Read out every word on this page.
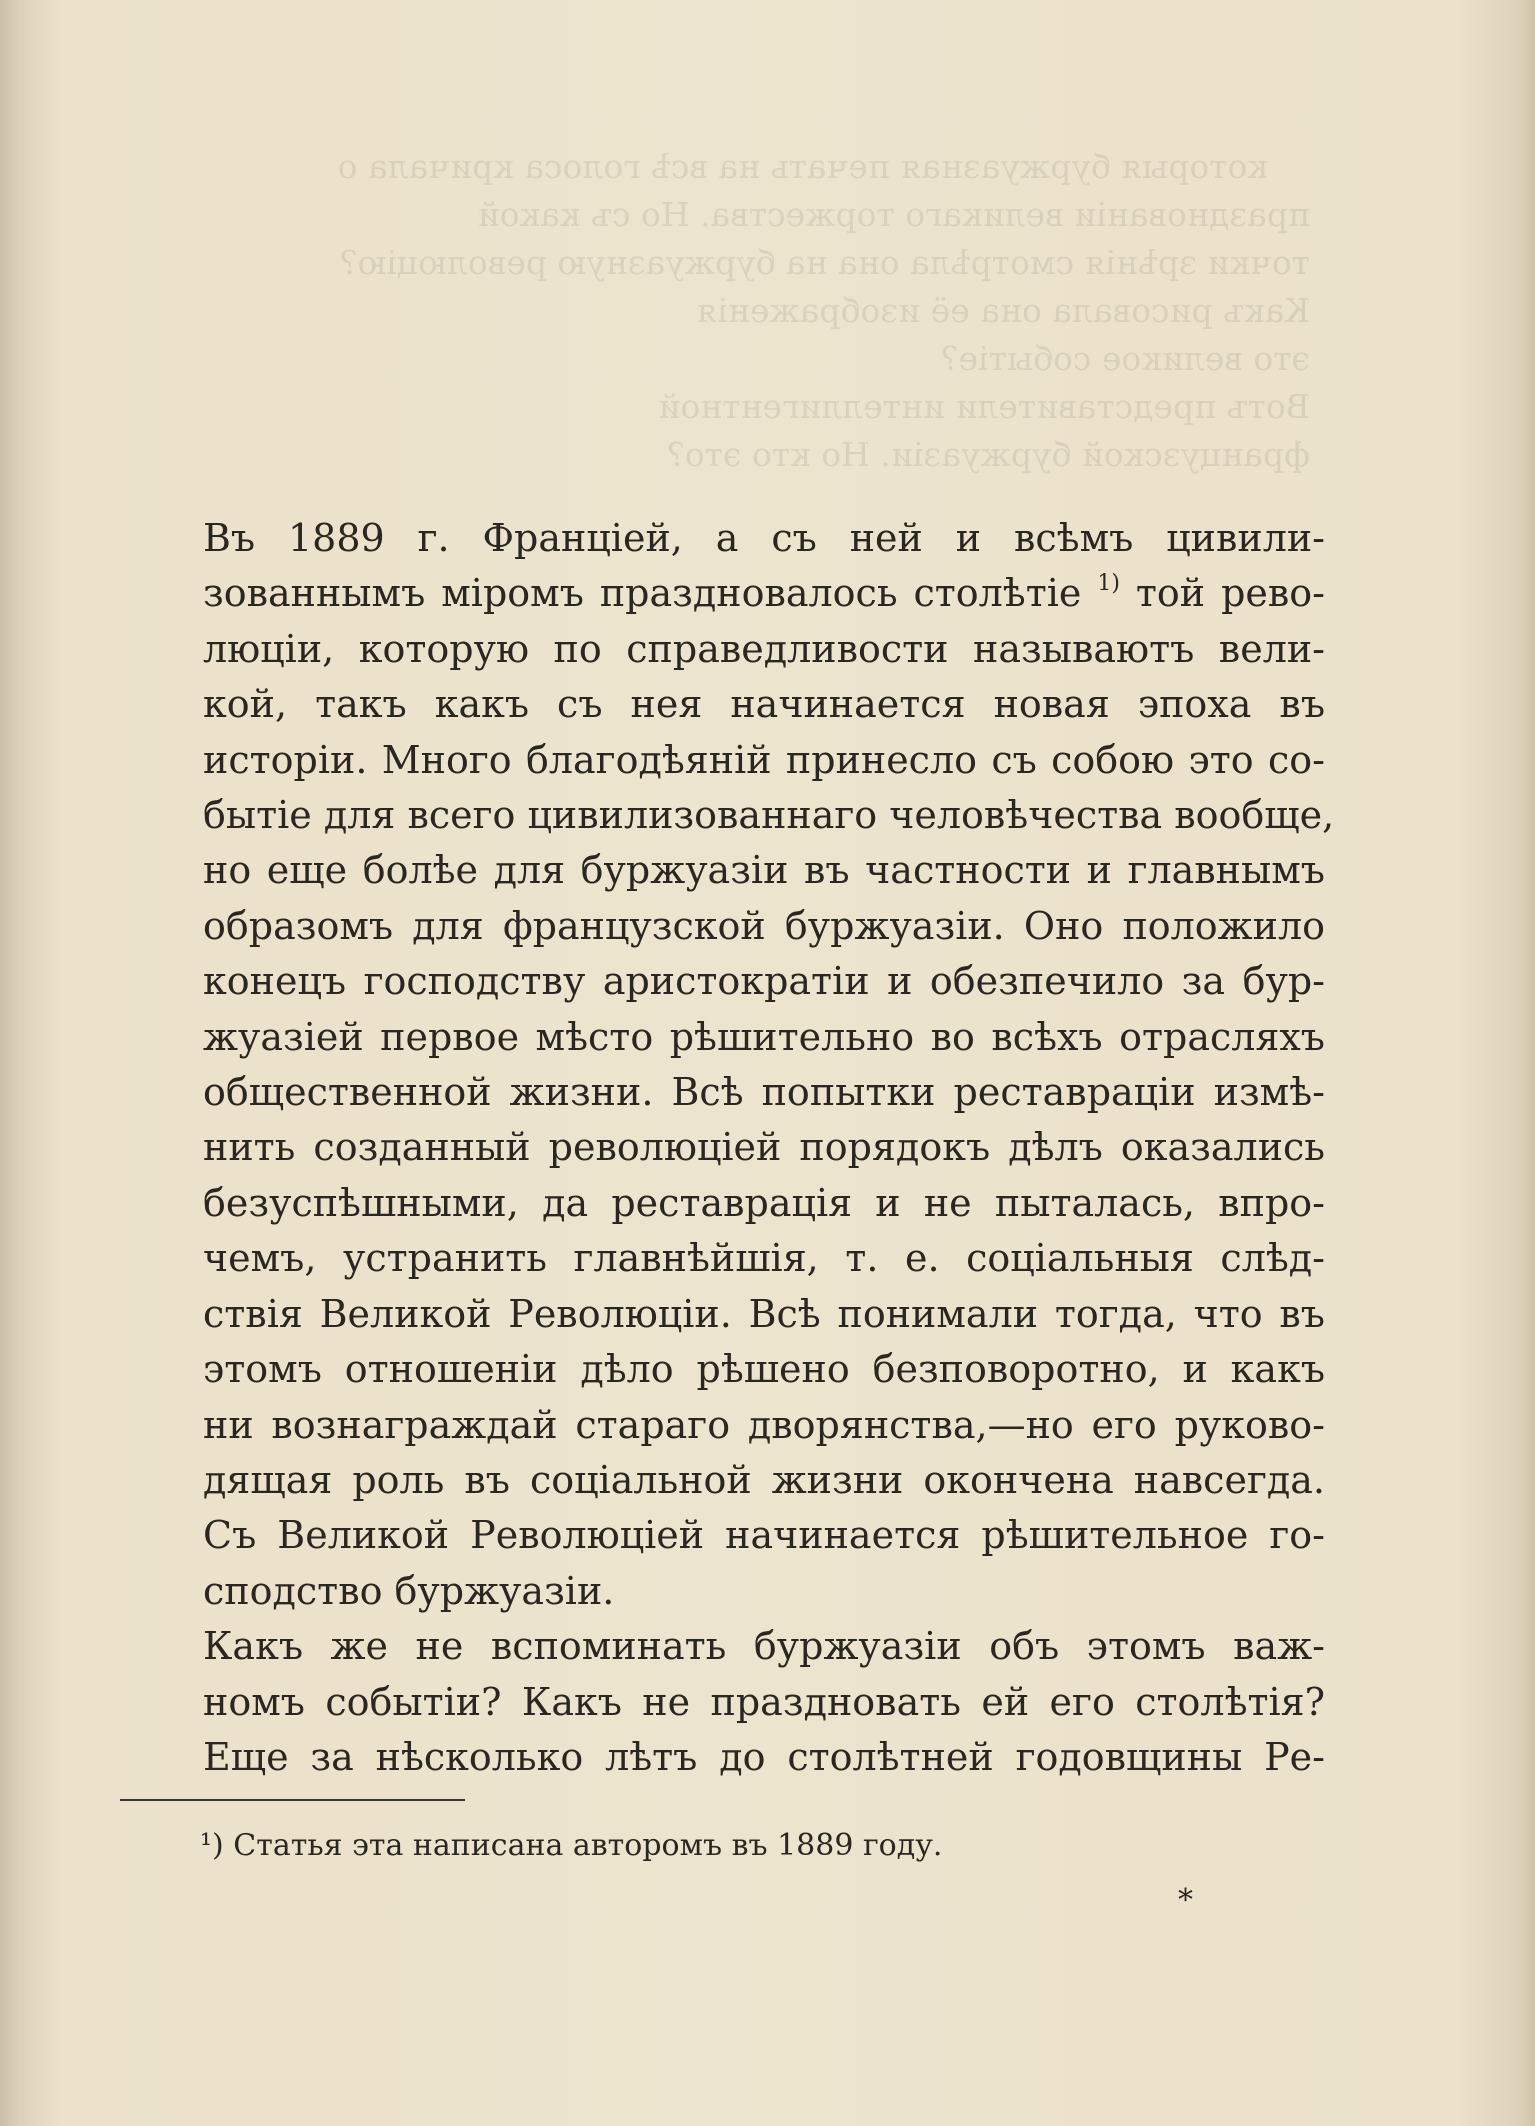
которыя буржуазная печать на всѣ голоса кричала о
празднованіи великаго торжества. Но съ какой
точки зрѣнія смотрѣла она на буржуазную революцію?
Какъ рисовала она её изображенія
это великое событіе?
Вотъ представители интеллигентной
французской буржуазіи. Но кто это?

Въ 1889 г. Франціей, а съ ней и всѣмъ цивили-
зованнымъ міромъ праздновалось столѣтіе $^{1)}$ той рево-
люціи, которую по справедливости называютъ вели-
кой, такъ какъ съ нея начинается новая эпоха въ
исторіи. Много благодѣяній принесло съ собою это со-
бытіе для всего цивилизованнаго человѣчества вообще,
но еще болѣе для буржуазіи въ частности и главнымъ
образомъ для французской буржуазіи. Оно положило
конецъ господству аристократіи и обезпечило за бур-
жуазіей первое мѣсто рѣшительно во всѣхъ отрасляхъ
общественной жизни. Всѣ попытки реставраціи измѣ-
нить созданный революціей порядокъ дѣлъ оказались
безуспѣшными, да реставрація и не пыталась, впро-
чемъ, устранить главнѣйшія, т. е. соціальныя слѣд-
ствія Великой Революціи. Всѣ понимали тогда, что въ
этомъ отношеніи дѣло рѣшено безповоротно, и какъ
ни вознаграждай стараго дворянства,—но его руково-
дящая роль въ соціальной жизни окончена навсегда.
Съ Великой Революціей начинается рѣшительное го-
сподство буржуазіи.

Какъ же не вспоминать буржуазіи объ этомъ важ-
номъ событіи? Какъ не праздновать ей его столѣтія?
Еще за нѣсколько лѣтъ до столѣтней годовщины Ре-

¹) Статья эта написана авторомъ въ 1889 году.
*
